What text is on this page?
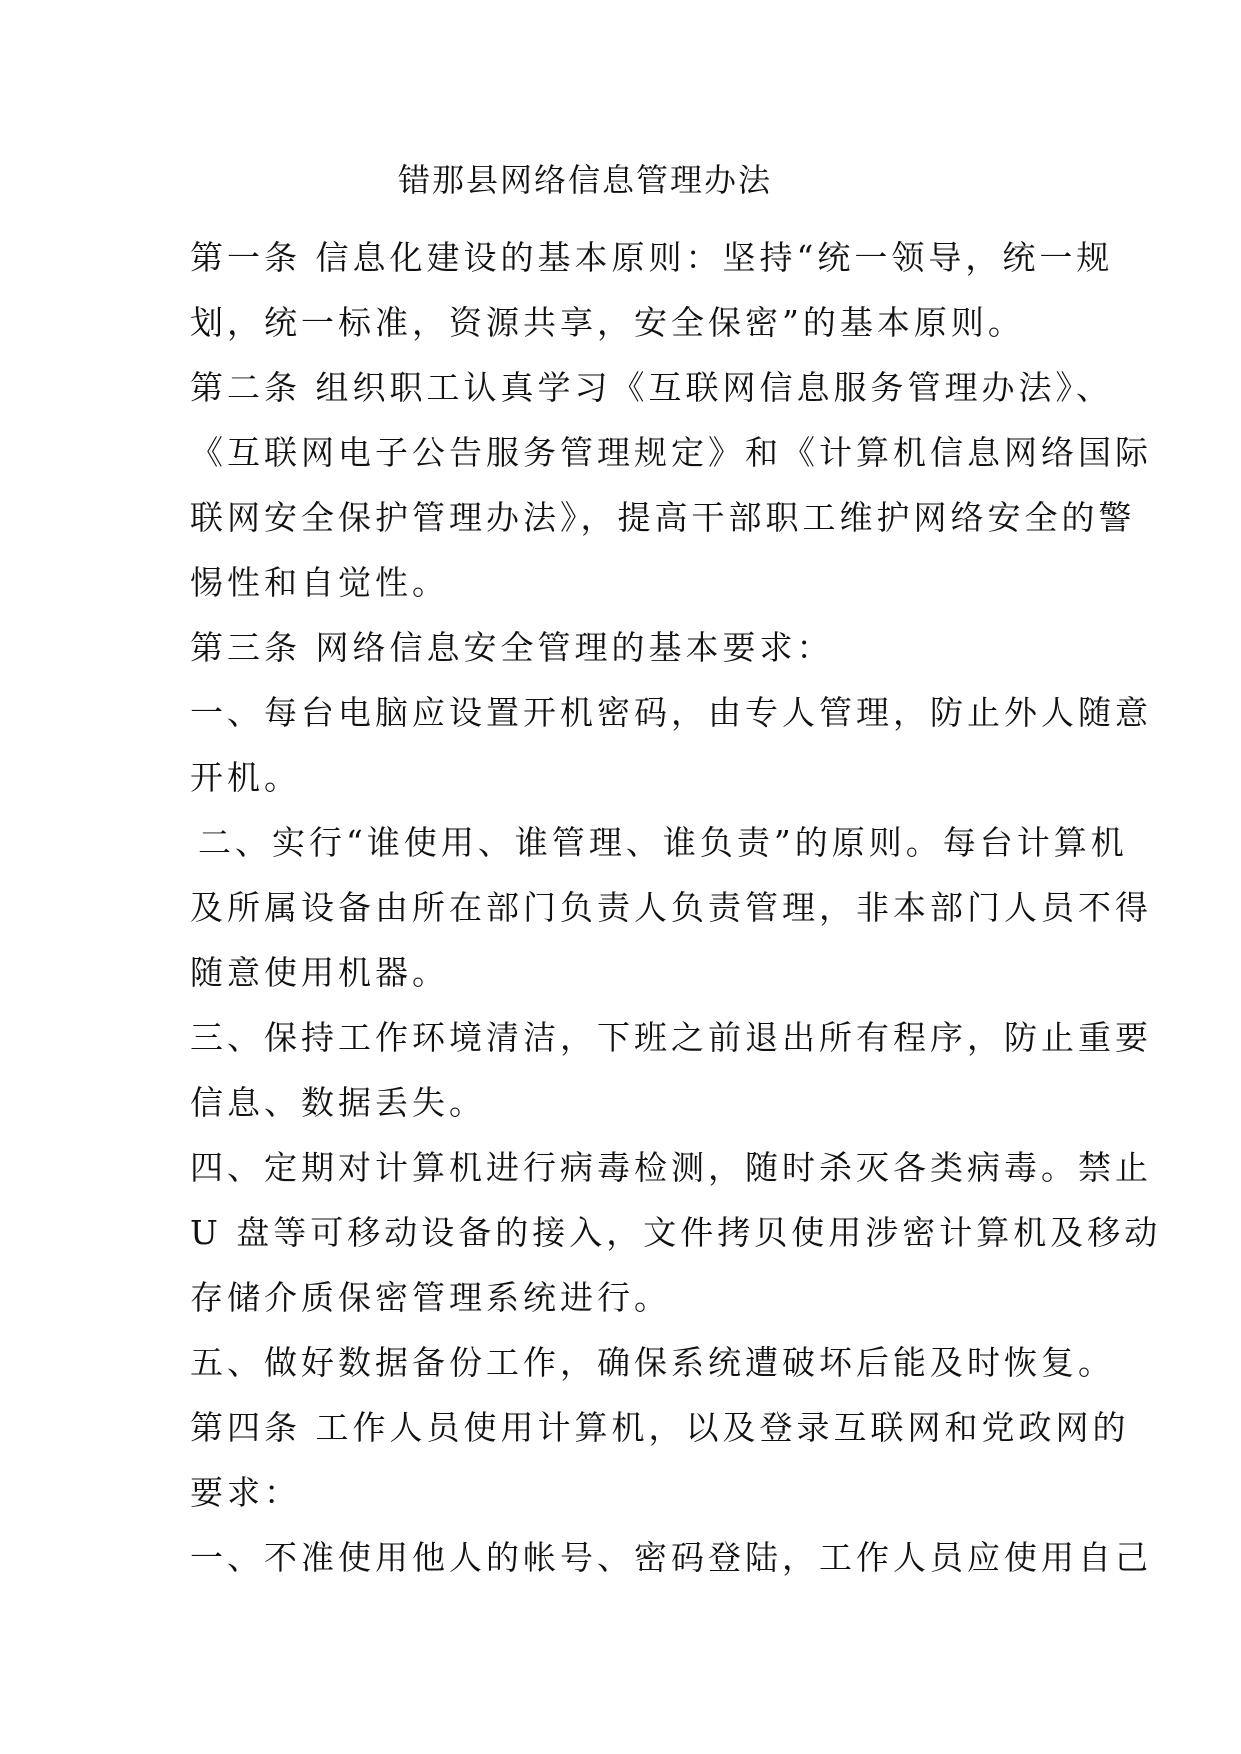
错那县网络信息管理办法
第一条 信息化建设的基本原则：坚持“统一领导，统一规
划，统一标准，资源共享，安全保密”的基本原则。
第二条 组织职工认真学习《互联网信息服务管理办法》、
《互联网电子公告服务管理规定》和《计算机信息网络国际
联网安全保护管理办法》，提高干部职工维护网络安全的警
惕性和自觉性。
第三条 网络信息安全管理的基本要求：
一、每台电脑应设置开机密码，由专人管理，防止外人随意
开机。
二、实行“谁使用、谁管理、谁负责”的原则。每台计算机
及所属设备由所在部门负责人负责管理，非本部门人员不得
随意使用机器。
三、保持工作环境清洁，下班之前退出所有程序，防止重要
信息、数据丢失。
四、定期对计算机进行病毒检测，随时杀灭各类病毒。禁止
U 盘等可移动设备的接入，文件拷贝使用涉密计算机及移动
存储介质保密管理系统进行。
五、做好数据备份工作，确保系统遭破坏后能及时恢复。
第四条 工作人员使用计算机，以及登录互联网和党政网的
要求：
一、不准使用他人的帐号、密码登陆，工作人员应使用自己
